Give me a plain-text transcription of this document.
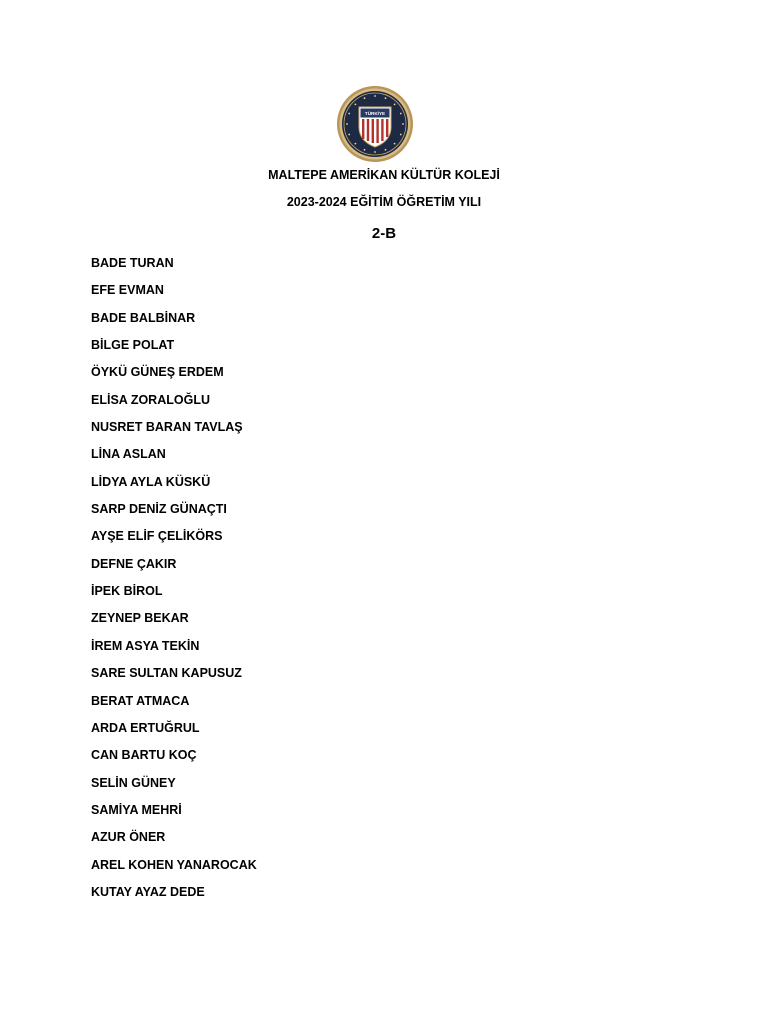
TÜRKİYE
MALTEPE AMERİKAN KÜLTÜR KOLEJİ
2023-2024 EĞİTİM ÖĞRETİM YILI
2-B
BADE TURAN
EFE EVMAN
BADE BALBİNAR
BİLGE POLAT
ÖYKÜ GÜNEŞ ERDEM
ELİSA ZORALOĞLU
NUSRET BARAN TAVLAŞ
LİNA ASLAN
LİDYA AYLA KÜSKÜ
SARP DENİZ GÜNAÇTI
AYŞE ELİF ÇELİKÖRS
DEFNE ÇAKIR
İPEK BİROL
ZEYNEP BEKAR
İREM ASYA TEKİN
SARE SULTAN KAPUSUZ
BERAT ATMACA
ARDA ERTUĞRUL
CAN BARTU KOÇ
SELİN GÜNEY
SAMİYA MEHRİ
AZUR ÖNER
AREL KOHEN YANAROCAK
KUTAY AYAZ DEDE
